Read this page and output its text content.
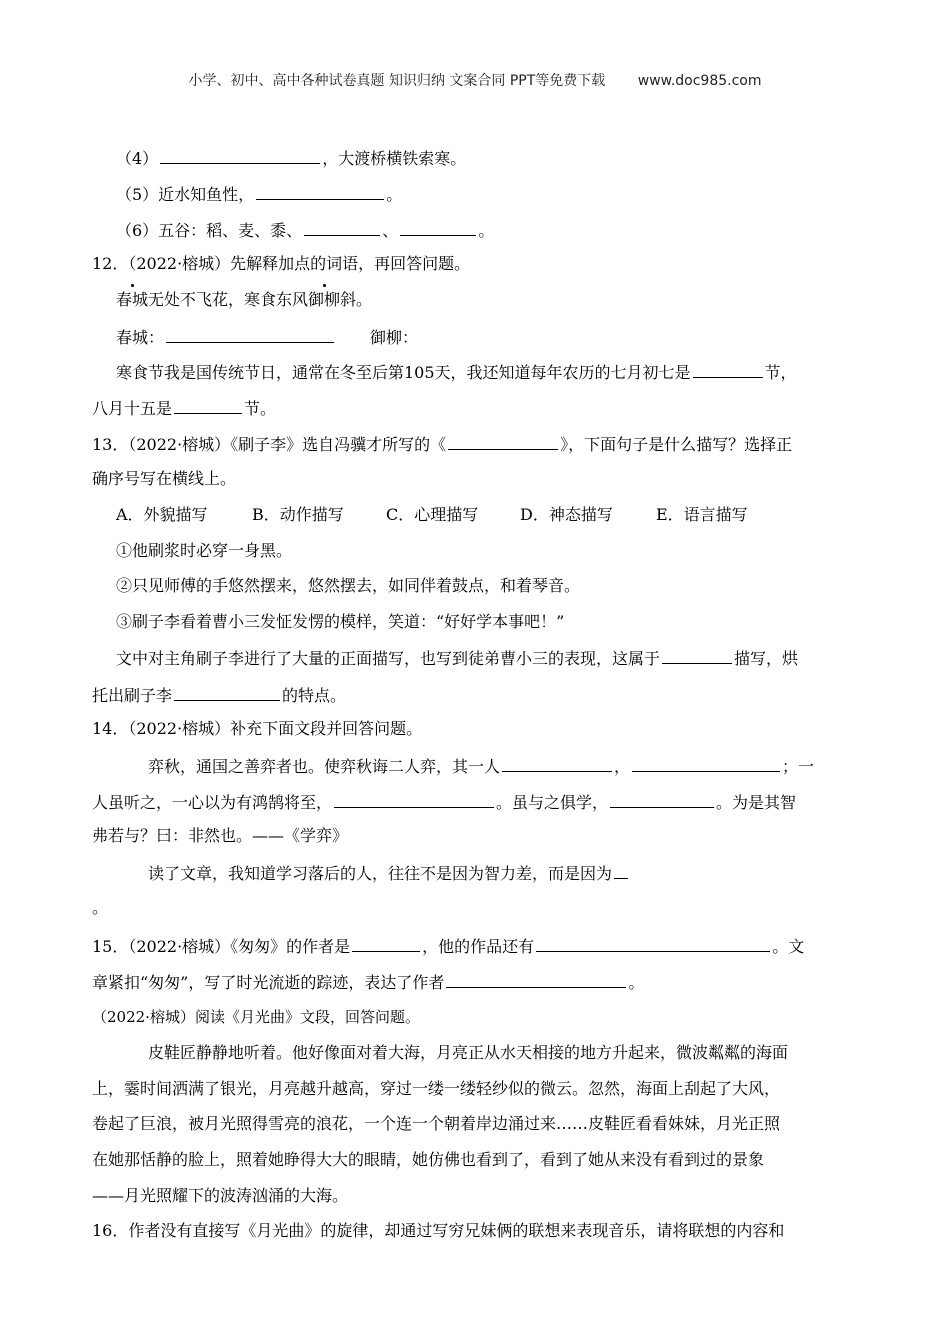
小学、初中、高中各种试卷真题 知识归纳 文案合同 PPT等免费下载 www.doc985.com
（4）	，大渡桥横铁索寒。
（5）近水知鱼性，	。
（6）五谷：稻、麦、黍、	、	。
12．（2022·榕城）先解释加点的词语，再回答问题。
春城无处不飞花，寒食东风御柳斜。
春城：	御柳：
寒食节我是国传统节日，通常在冬至后第105天，我还知道每年农历的七月初七是	节，
八月十五是	节。
13．（2022·榕城）《刷子李》选自冯骥才所写的《	》，下面句子是什么描写？选择正
确序号写在横线上。
A．外貌描写	B．动作描写	C．心理描写	D．神态描写	E．语言描写
①他刷浆时必穿一身黑。
②只见师傅的手悠然摆来，悠然摆去，如同伴着鼓点，和着琴音。
③刷子李看着曹小三发怔发愣的模样，笑道：“好好学本事吧！”
文中对主角刷子李进行了大量的正面描写，也写到徒弟曹小三的表现，这属于	描写，烘
托出刷子李	的特点。
14．（2022·榕城）补充下面文段并回答问题。
弈秋，通国之善弈者也。使弈秋诲二人弈，其一人	，	；一
人虽听之，一心以为有鸿鹄将至，	。虽与之俱学，	。为是其智
弗若与？曰：非然也。——《学弈》
读了文章，我知道学习落后的人，往往不是因为智力差，而是因为
。
15．（2022·榕城）《匆匆》的作者是	，他的作品还有	。文
章紧扣“匆匆”，写了时光流逝的踪迹，表达了作者	。
（2022·榕城）阅读《月光曲》文段，回答问题。
皮鞋匠静静地听着。他好像面对着大海，月亮正从水天相接的地方升起来，微波粼粼的海面
上，霎时间洒满了银光，月亮越升越高，穿过一缕一缕轻纱似的微云。忽然，海面上刮起了大风，
卷起了巨浪，被月光照得雪亮的浪花，一个连一个朝着岸边涌过来……皮鞋匠看看妹妹，月光正照
在她那恬静的脸上，照着她睁得大大的眼睛，她仿佛也看到了，看到了她从来没有看到过的景象
——月光照耀下的波涛汹涌的大海。
16．作者没有直接写《月光曲》的旋律，却通过写穷兄妹俩的联想来表现音乐，请将联想的内容和
